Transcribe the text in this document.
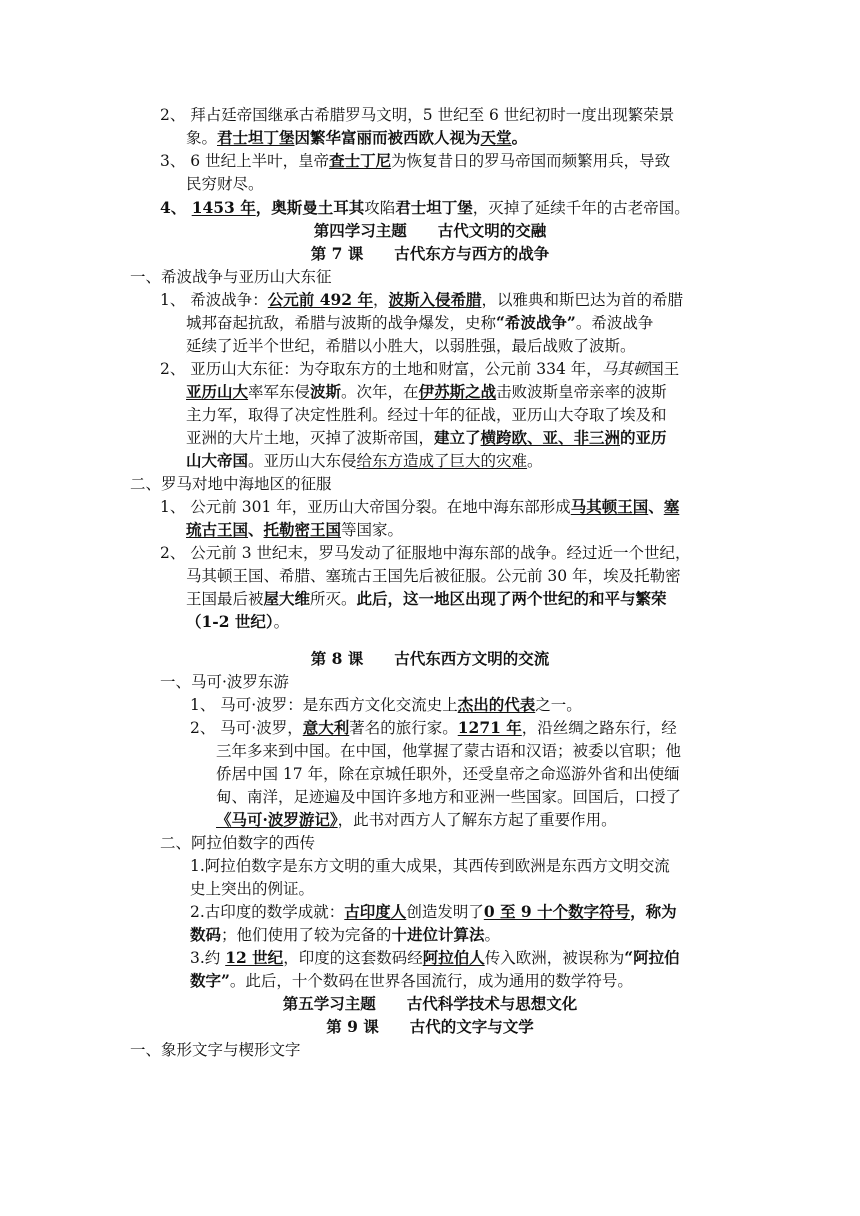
2、 拜占廷帝国继承古希腊罗马文明，5 世纪至 6 世纪初时一度出现繁荣景
象。君士坦丁堡因繁华富丽而被西欧人视为天堂。
3、 6 世纪上半叶，皇帝查士丁尼为恢复昔日的罗马帝国而频繁用兵，导致
民穷财尽。
4、 1453 年，奥斯曼土耳其攻陷君士坦丁堡，灭掉了延续千年的古老帝国。
第四学习主题　　古代文明的交融
第 7 课　　古代东方与西方的战争
一、希波战争与亚历山大东征
1、 希波战争：公元前 492 年，波斯入侵希腊，以雅典和斯巴达为首的希腊
城邦奋起抗敌，希腊与波斯的战争爆发，史称“希波战争”。希波战争
延续了近半个世纪，希腊以小胜大，以弱胜强，最后战败了波斯。
2、 亚历山大东征：为夺取东方的土地和财富，公元前 334 年，马其顿国王
亚历山大率军东侵波斯。次年，在伊苏斯之战击败波斯皇帝亲率的波斯
主力军，取得了决定性胜利。经过十年的征战，亚历山大夺取了埃及和
亚洲的大片土地，灭掉了波斯帝国，建立了横跨欧、亚、非三洲的亚历
山大帝国。亚历山大东侵给东方造成了巨大的灾难。
二、罗马对地中海地区的征服
1、 公元前 301 年，亚历山大帝国分裂。在地中海东部形成马其顿王国、塞
琉古王国、托勒密王国等国家。
2、 公元前 3 世纪末，罗马发动了征服地中海东部的战争。经过近一个世纪，
马其顿王国、希腊、塞琉古王国先后被征服。公元前 30 年，埃及托勒密
王国最后被屋大维所灭。此后，这一地区出现了两个世纪的和平与繁荣
（1-2 世纪）。
第 8 课　　古代东西方文明的交流
一、马可·波罗东游
1、 马可·波罗：是东西方文化交流史上杰出的代表之一。
2、 马可·波罗，意大利著名的旅行家。1271 年，沿丝绸之路东行，经
三年多来到中国。在中国，他掌握了蒙古语和汉语；被委以官职；他
侨居中国 17 年，除在京城任职外，还受皇帝之命巡游外省和出使缅
甸、南洋，足迹遍及中国许多地方和亚洲一些国家。回国后，口授了
《马可·波罗游记》，此书对西方人了解东方起了重要作用。
二、阿拉伯数字的西传
1.阿拉伯数字是东方文明的重大成果，其西传到欧洲是东西方文明交流
史上突出的例证。
2.古印度的数学成就：古印度人创造发明了0 至 9 十个数字符号，称为
数码；他们使用了较为完备的十进位计算法。
3.约 12 世纪，印度的这套数码经阿拉伯人传入欧洲，被误称为“阿拉伯
数字”。此后，十个数码在世界各国流行，成为通用的数学符号。
第五学习主题　　古代科学技术与思想文化
第 9 课　　古代的文字与文学
一、象形文字与楔形文字
